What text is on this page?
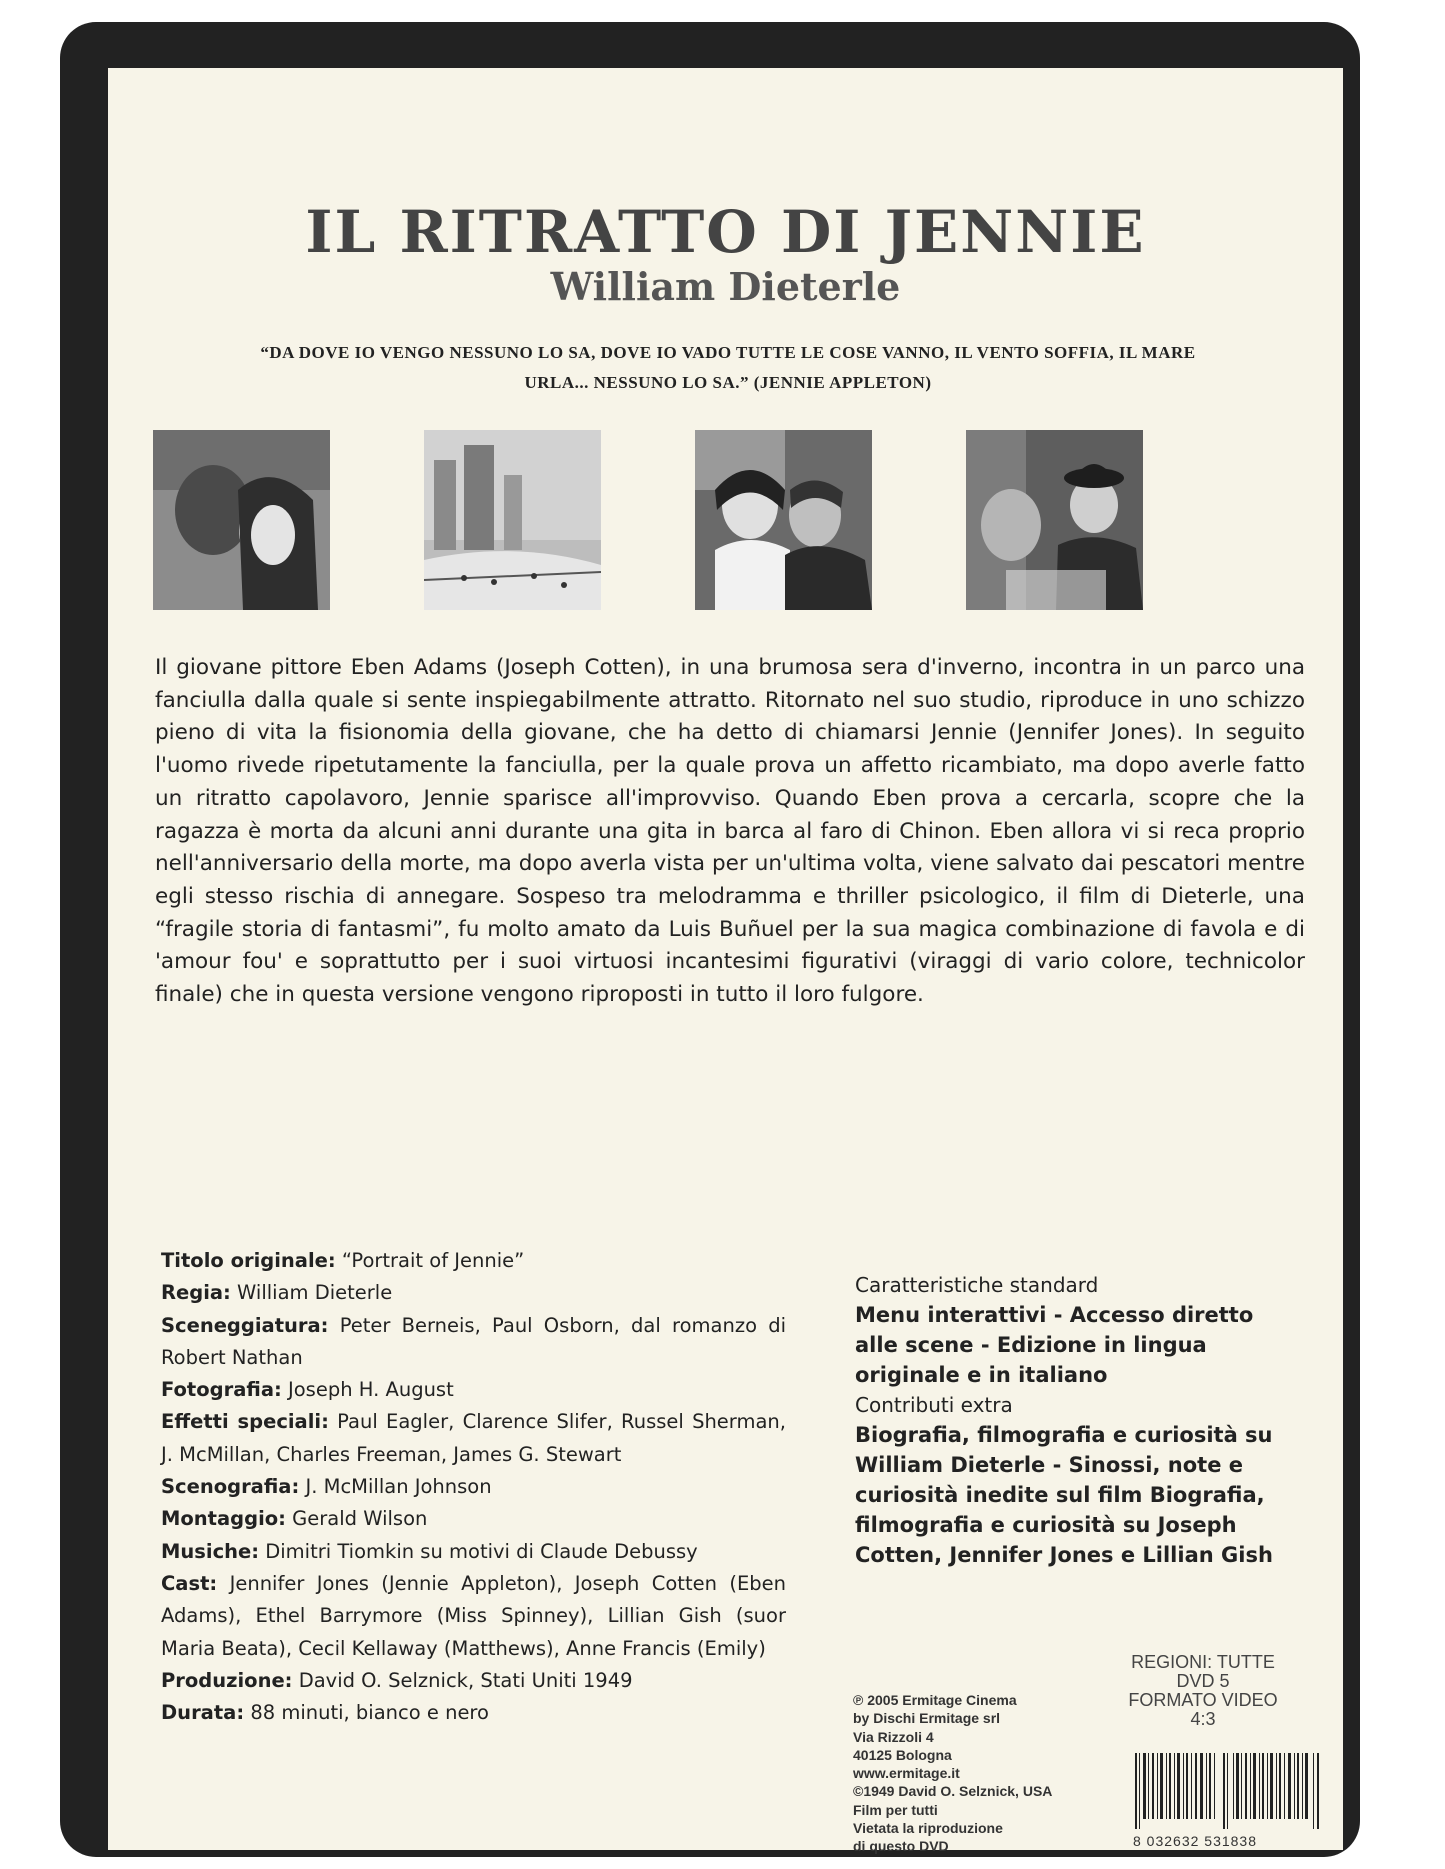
IL RITRATTO DI JENNIE
William Dieterle
“DA DOVE IO VENGO NESSUNO LO SA, DOVE IO VADO TUTTE LE COSE VANNO, IL VENTO SOFFIA, IL MARE URLA... NESSUNO LO SA.” (JENNIE APPLETON)

Il giovane pittore Eben Adams (Joseph Cotten), in una brumosa sera d'inverno, incontra in un parco una fanciulla dalla quale si sente inspiegabilmente attratto. Ritornato nel suo studio, riproduce in uno schizzo pieno di vita la fisionomia della giovane, che ha detto di chiamarsi Jennie (Jennifer Jones). In seguito l'uomo rivede ripetutamente la fanciulla, per la quale prova un affetto ricambiato, ma dopo averle fatto un ritratto capolavoro, Jennie sparisce all'improvviso. Quando Eben prova a cercarla, scopre che la ragazza è morta da alcuni anni durante una gita in barca al faro di Chinon. Eben allora vi si reca proprio nell'anniversario della morte, ma dopo averla vista per un'ultima volta, viene salvato dai pescatori mentre egli stesso rischia di annegare. Sospeso tra melodramma e thriller psicologico, il film di Dieterle, una “fragile storia di fantasmi”, fu molto amato da Luis Buñuel per la sua magica combinazione di favola e di 'amour fou' e soprattutto per i suoi virtuosi incantesimi figurativi (viraggi di vario colore, technicolor finale) che in questa versione vengono riproposti in tutto il loro fulgore.

Titolo originale: “Portrait of Jennie”
Regia: William Dieterle
Sceneggiatura: Peter Berneis, Paul Osborn, dal romanzo di Robert Nathan
Fotografia: Joseph H. August
Effetti speciali: Paul Eagler, Clarence Slifer, Russel Sherman, J. McMillan, Charles Freeman, James G. Stewart
Scenografia: J. McMillan Johnson
Montaggio: Gerald Wilson
Musiche: Dimitri Tiomkin su motivi di Claude Debussy
Cast: Jennifer Jones (Jennie Appleton), Joseph Cotten (Eben Adams), Ethel Barrymore (Miss Spinney), Lillian Gish (suor Maria Beata), Cecil Kellaway (Matthews), Anne Francis (Emily)
Produzione: David O. Selznick, Stati Uniti 1949
Durata: 88 minuti, bianco e nero
Caratteristiche standard
Menu interattivi - Accesso diretto alle scene - Edizione in lingua originale e in italiano
Contributi extra
Biografia, filmografia e curiosità su William Dieterle - Sinossi, note e curiosità inedite sul film Biografia, filmografia e curiosità su Joseph Cotten, Jennifer Jones e Lillian Gish
REGIONI: TUTTE
DVD 5
FORMATO VIDEO
4:3
℗ 2005 Ermitage Cinema
by Dischi Ermitage srl
Via Rizzoli 4
40125 Bologna
www.ermitage.it
©1949 David O. Selznick, USA
Film per tutti
Vietata la riproduzione
di questo DVD	8 032632 531838
